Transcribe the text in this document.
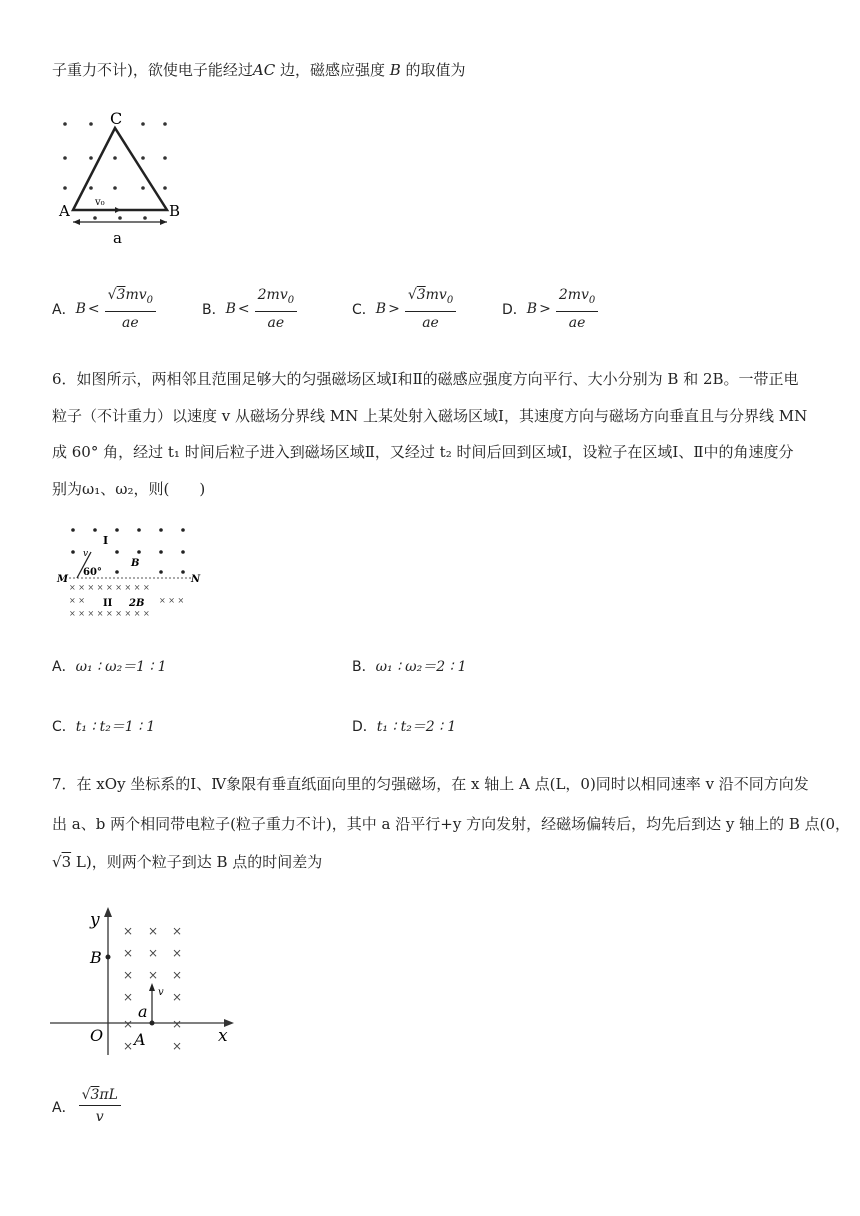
子重力不计)，欲使电子能经过AC 边，磁感应强度 B 的取值为
C
A	B
v₀
a
A． $B < \frac{√3mv_0}{ae}$	B． $B < \frac{2mv_0}{ae}$	C． $B > \frac{√3mv_0}{ae}$	D． $B > \frac{2mv_0}{ae}$
6．如图所示，两相邻且范围足够大的匀强磁场区域Ⅰ和Ⅱ的磁感应强度方向平行、大小分别为 B 和 2B。一带正电
粒子（不计重力）以速度 v 从磁场分界线 MN 上某处射入磁场区域Ⅰ，其速度方向与磁场方向垂直且与分界线 MN
成 60° 角，经过 t₁ 时间后粒子进入到磁场区域Ⅱ，又经过 t₂ 时间后回到区域Ⅰ，设粒子在区域Ⅰ、Ⅱ中的角速度分
别为ω₁、ω₂，则(　　)
× × × × × × × × ×
× ×	× × ×
× × × × × × × × ×
I
B
M	N
v
60°
II 2B
A． ω₁ ∶ ω₂＝1 ∶ 1	B． ω₁ ∶ ω₂＝2 ∶ 1
C． t₁ ∶ t₂＝1 ∶ 1	D． t₁ ∶ t₂＝2 ∶ 1
7．在 xOy 坐标系的Ⅰ、Ⅳ象限有垂直纸面向里的匀强磁场，在 x 轴上 A 点(L，0)同时以相同速率 v 沿不同方向发
出 a、b 两个相同带电粒子(粒子重力不计)，其中 a 沿平行+y 方向发射，经磁场偏转后，均先后到达 y 轴上的 B 点(0，
√3 L)，则两个粒子到达 B 点的时间差为
× × ×
× × ×
× × ×
×	×
×	×
×	×
y
x
O
B
A
a
v
A． $\frac{√3\pi L}{v}$
